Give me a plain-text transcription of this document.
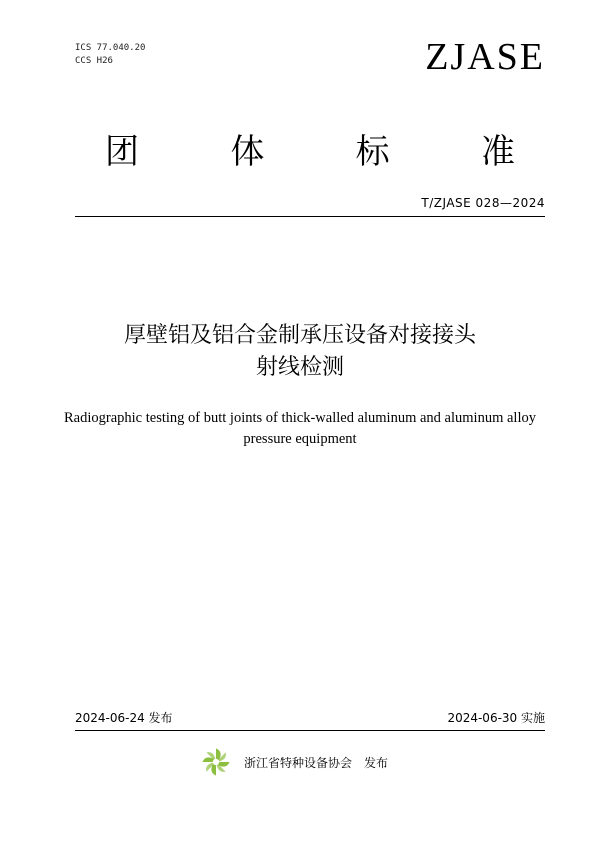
ICS 77.040.20
CCS H26	ZJASE
团	体	标	准
T/ZJASE 028—2024
厚壁铝及铝合金制承压设备对接接头
射线检测
Radiographic testing of butt joints of thick-walled aluminum and aluminum alloy
pressure equipment
2024-06-24 发布	2024-06-30 实施
浙江省特种设备协会 发布
